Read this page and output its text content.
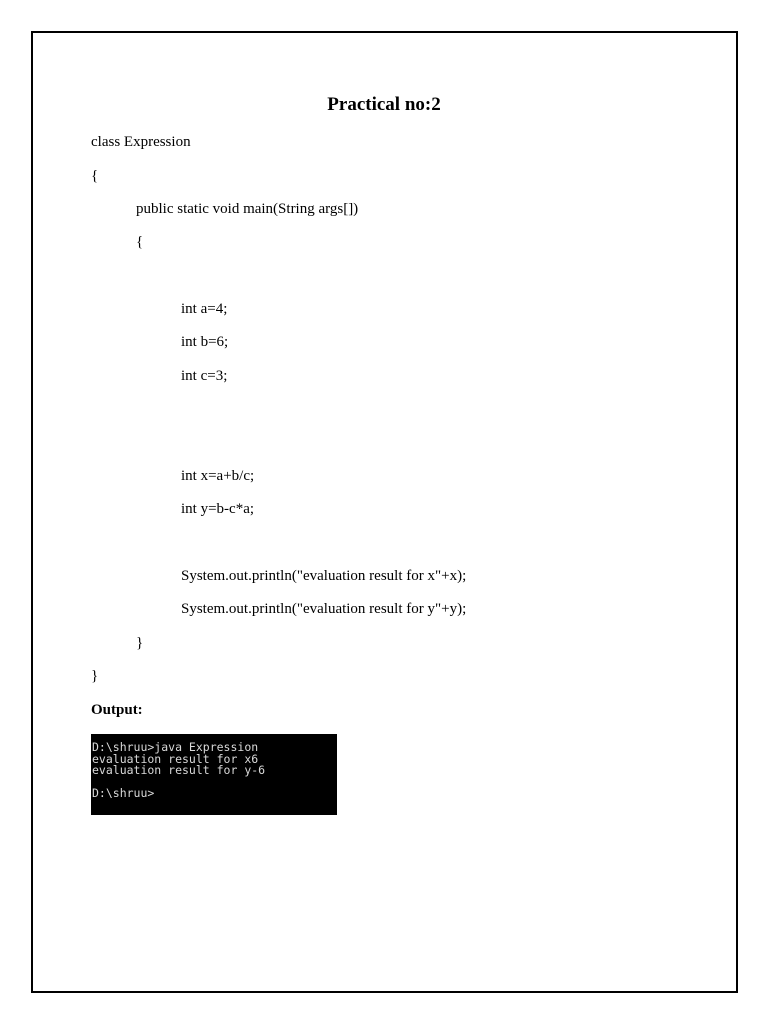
Practical no:2

class Expression

{

public static void main(String args[])

{

int a=4;

int b=6;

int c=3;

int x=a+b/c;

int y=b-c*a;

System.out.println("evaluation result for x"+x);

System.out.println("evaluation result for y"+y);

}

}

Output:

D:\shruu>java Expression
evaluation result for x6
evaluation result for y-6
D:\shruu>
